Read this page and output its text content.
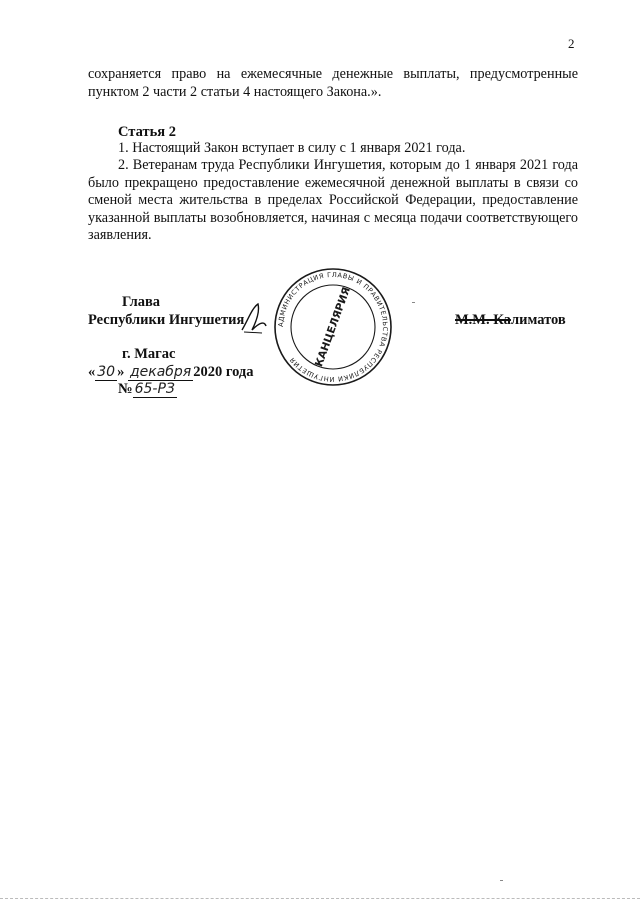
2

сохраняется право на ежемесячные денежные выплаты, предусмотренные пунктом 2 части 2 статьи 4 настоящего Закона.».

Статья 2

1. Настоящий Закон вступает в силу с 1 января 2021 года.

2. Ветеранам труда Республики Ингушетия, которым до 1 января 2021 года было прекращено предоставление ежемесячной денежной выплаты в связи со сменой места жительства в пределах Российской Федерации, предоставление указанной выплаты возобновляется, начиная с месяца подачи соответствующего заявления.

Глава
Республики Ингушетия	М.М. Калиматов
г. Магас
« 30 » декабря 2020 года
№ 65-РЗ
АДМИНИСТРАЦИЯ ГЛАВЫ И ПРАВИТЕЛЬСТВА РЕСПУБЛИКИ ИНГУШЕТИЯ	КАНЦЕЛЯРИЯ
